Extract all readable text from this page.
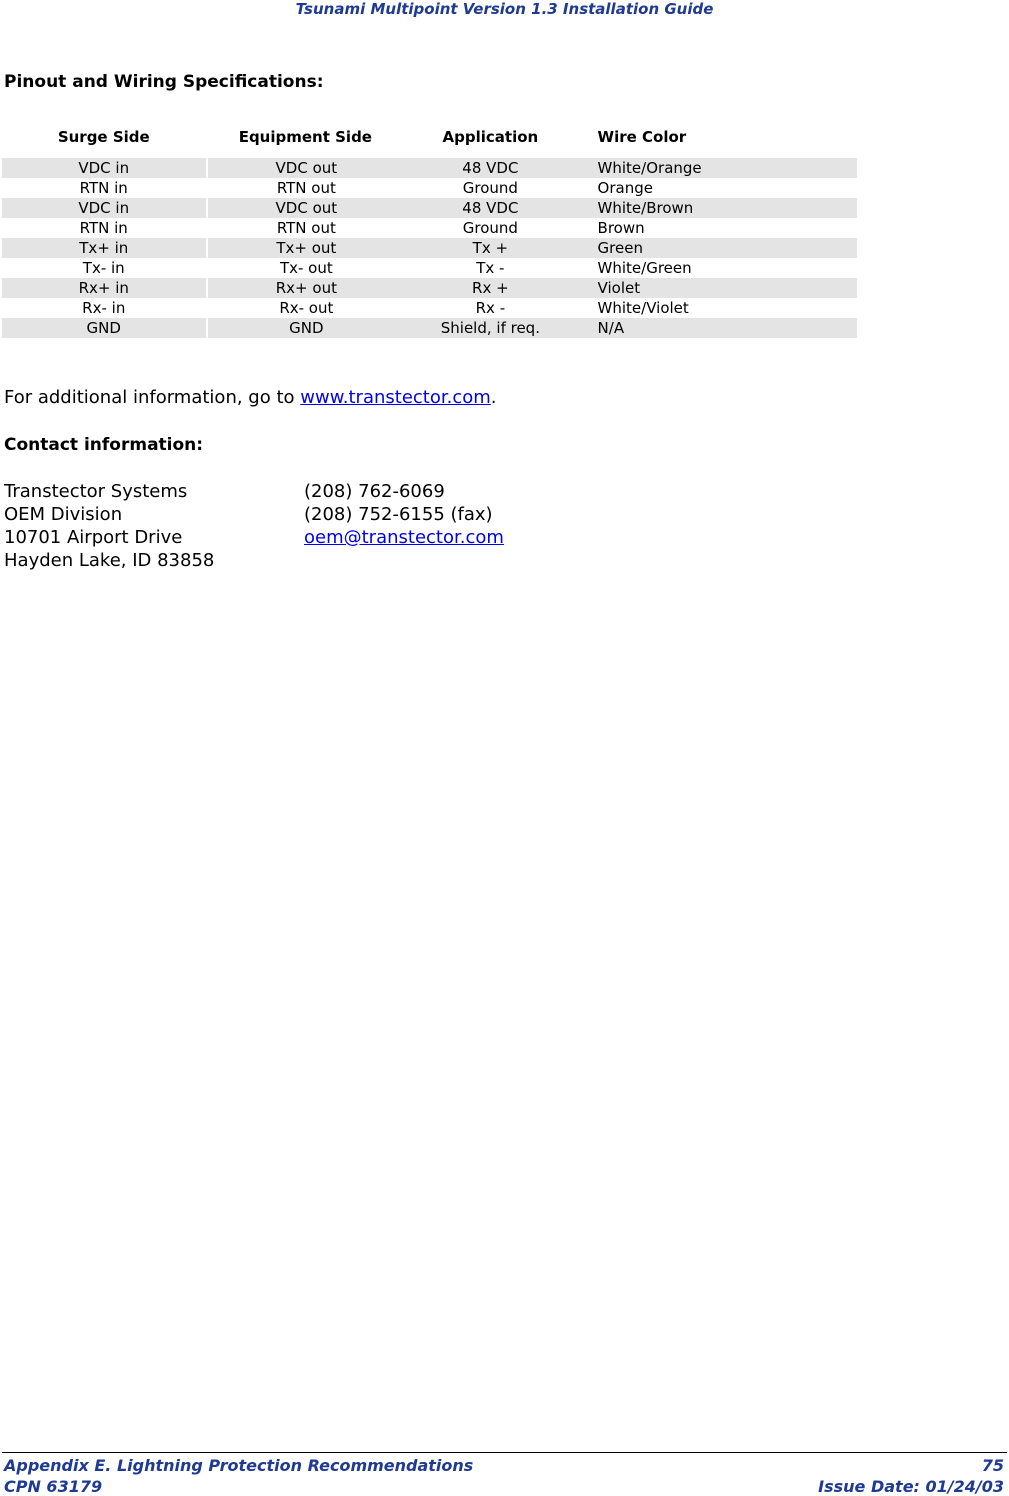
Tsunami Multipoint Version 1.3 Installation Guide
Pinout and Wiring Specifications:
Surge Side	Equipment Side	Application	Wire Color
VDC in	VDC out	48 VDC	White/Orange
RTN in	RTN out	Ground	Orange
VDC in	VDC out	48 VDC	White/Brown
RTN in	RTN out	Ground	Brown
Tx+ in	Tx+ out	Tx +	Green
Tx- in	Tx- out	Tx -	White/Green
Rx+ in	Rx+ out	Rx +	Violet
Rx- in	Rx- out	Rx -	White/Violet
GND	GND	Shield, if req.	N/A
For additional information, go to www.transtector.com.
Contact information:
Transtector Systems	(208) 762-6069
OEM Division	(208) 752-6155 (fax)
10701 Airport Drive	oem@transtector.com
Hayden Lake, ID 83858
Appendix E. Lightning Protection Recommendations	75
CPN 63179	Issue Date: 01/24/03
